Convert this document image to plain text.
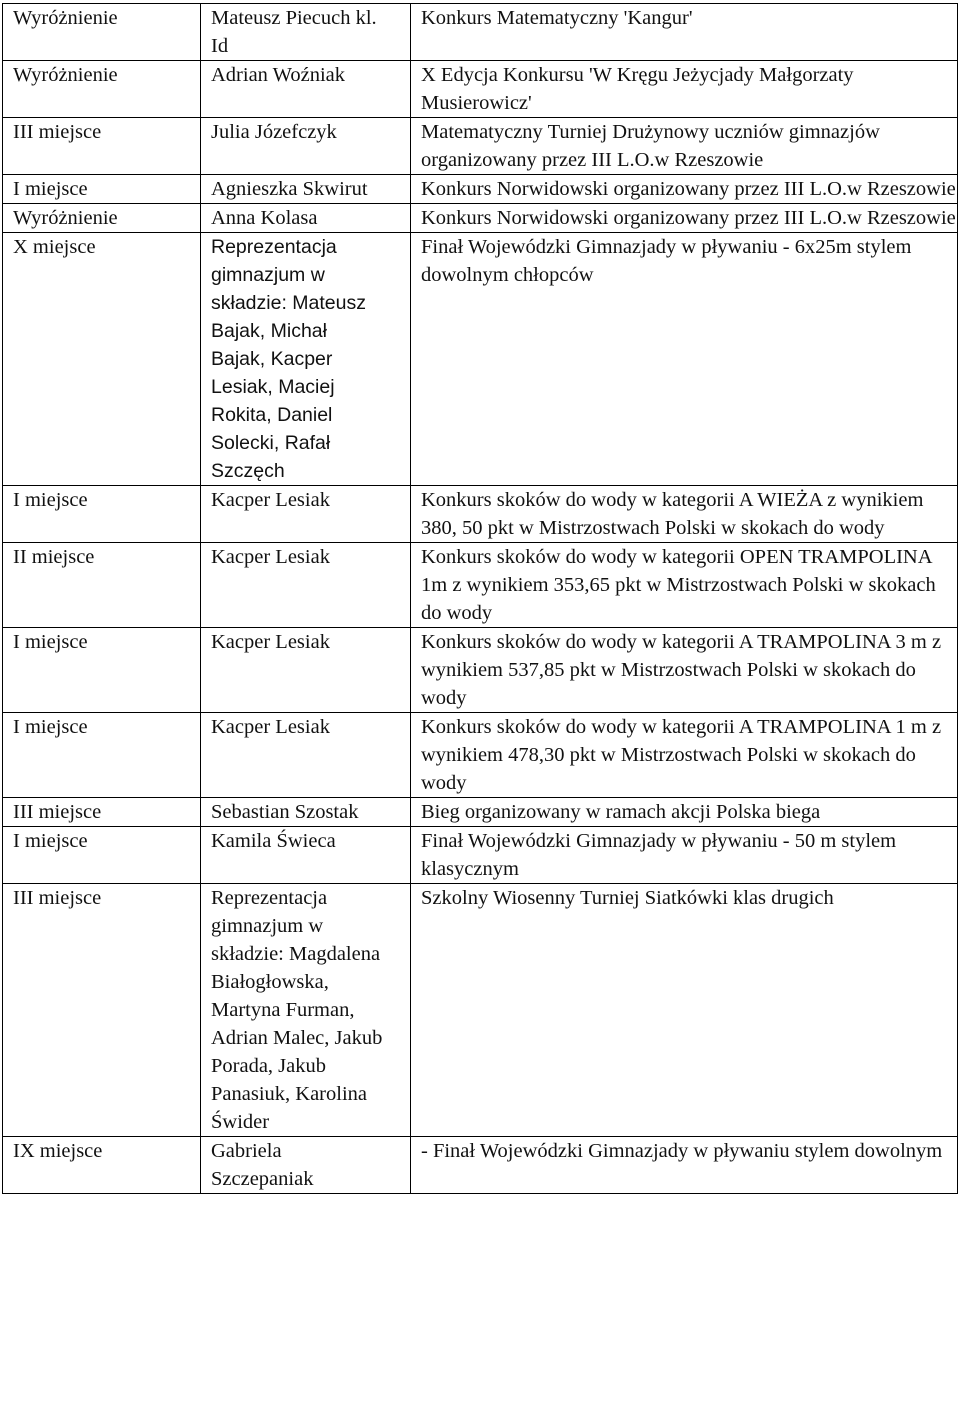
Wyróżnienie	Mateusz Piecuch kl. Id	Konkurs Matematyczny 'Kangur'
Wyróżnienie	Adrian Woźniak	X Edycja Konkursu 'W Kręgu Jeżycjady Małgorzaty Musierowicz'
III miejsce	Julia Józefczyk	Matematyczny Turniej Drużynowy uczniów gimnazjów organizowany przez III L.O.w Rzeszowie
I miejsce	Agnieszka Skwirut	Konkurs Norwidowski organizowany przez III L.O.w Rzeszowie
Wyróżnienie	Anna Kolasa	Konkurs Norwidowski organizowany przez III L.O.w Rzeszowie
X miejsce	Reprezentacja gimnazjum w składzie: Mateusz Bajak, Michał Bajak, Kacper Lesiak, Maciej Rokita, Daniel Solecki, Rafał Szczęch	Finał Wojewódzki Gimnazjady w pływaniu - 6x25m stylem dowolnym chłopców
I miejsce	Kacper Lesiak	Konkurs skoków do wody w kategorii A WIEŻA z wynikiem 380, 50 pkt w Mistrzostwach Polski w skokach do wody
II miejsce	Kacper Lesiak	Konkurs skoków do wody w kategorii OPEN TRAMPOLINA 1m z wynikiem 353,65 pkt w Mistrzostwach Polski w skokach do wody
I miejsce	Kacper Lesiak	Konkurs skoków do wody w kategorii A TRAMPOLINA 3 m z wynikiem 537,85 pkt w Mistrzostwach Polski w skokach do wody
I miejsce	Kacper Lesiak	Konkurs skoków do wody w kategorii A TRAMPOLINA 1 m z wynikiem 478,30 pkt w Mistrzostwach Polski w skokach do wody
III miejsce	Sebastian Szostak	Bieg organizowany w ramach akcji Polska biega
I miejsce	Kamila Świeca	Finał Wojewódzki Gimnazjady w pływaniu - 50 m stylem klasycznym
III miejsce	Reprezentacja gimnazjum w składzie: Magdalena Białogłowska, Martyna Furman, Adrian Malec, Jakub Porada, Jakub Panasiuk, Karolina Świder	Szkolny Wiosenny Turniej Siatkówki klas drugich
IX miejsce	Gabriela Szczepaniak	- Finał Wojewódzki Gimnazjady w pływaniu stylem dowolnym
